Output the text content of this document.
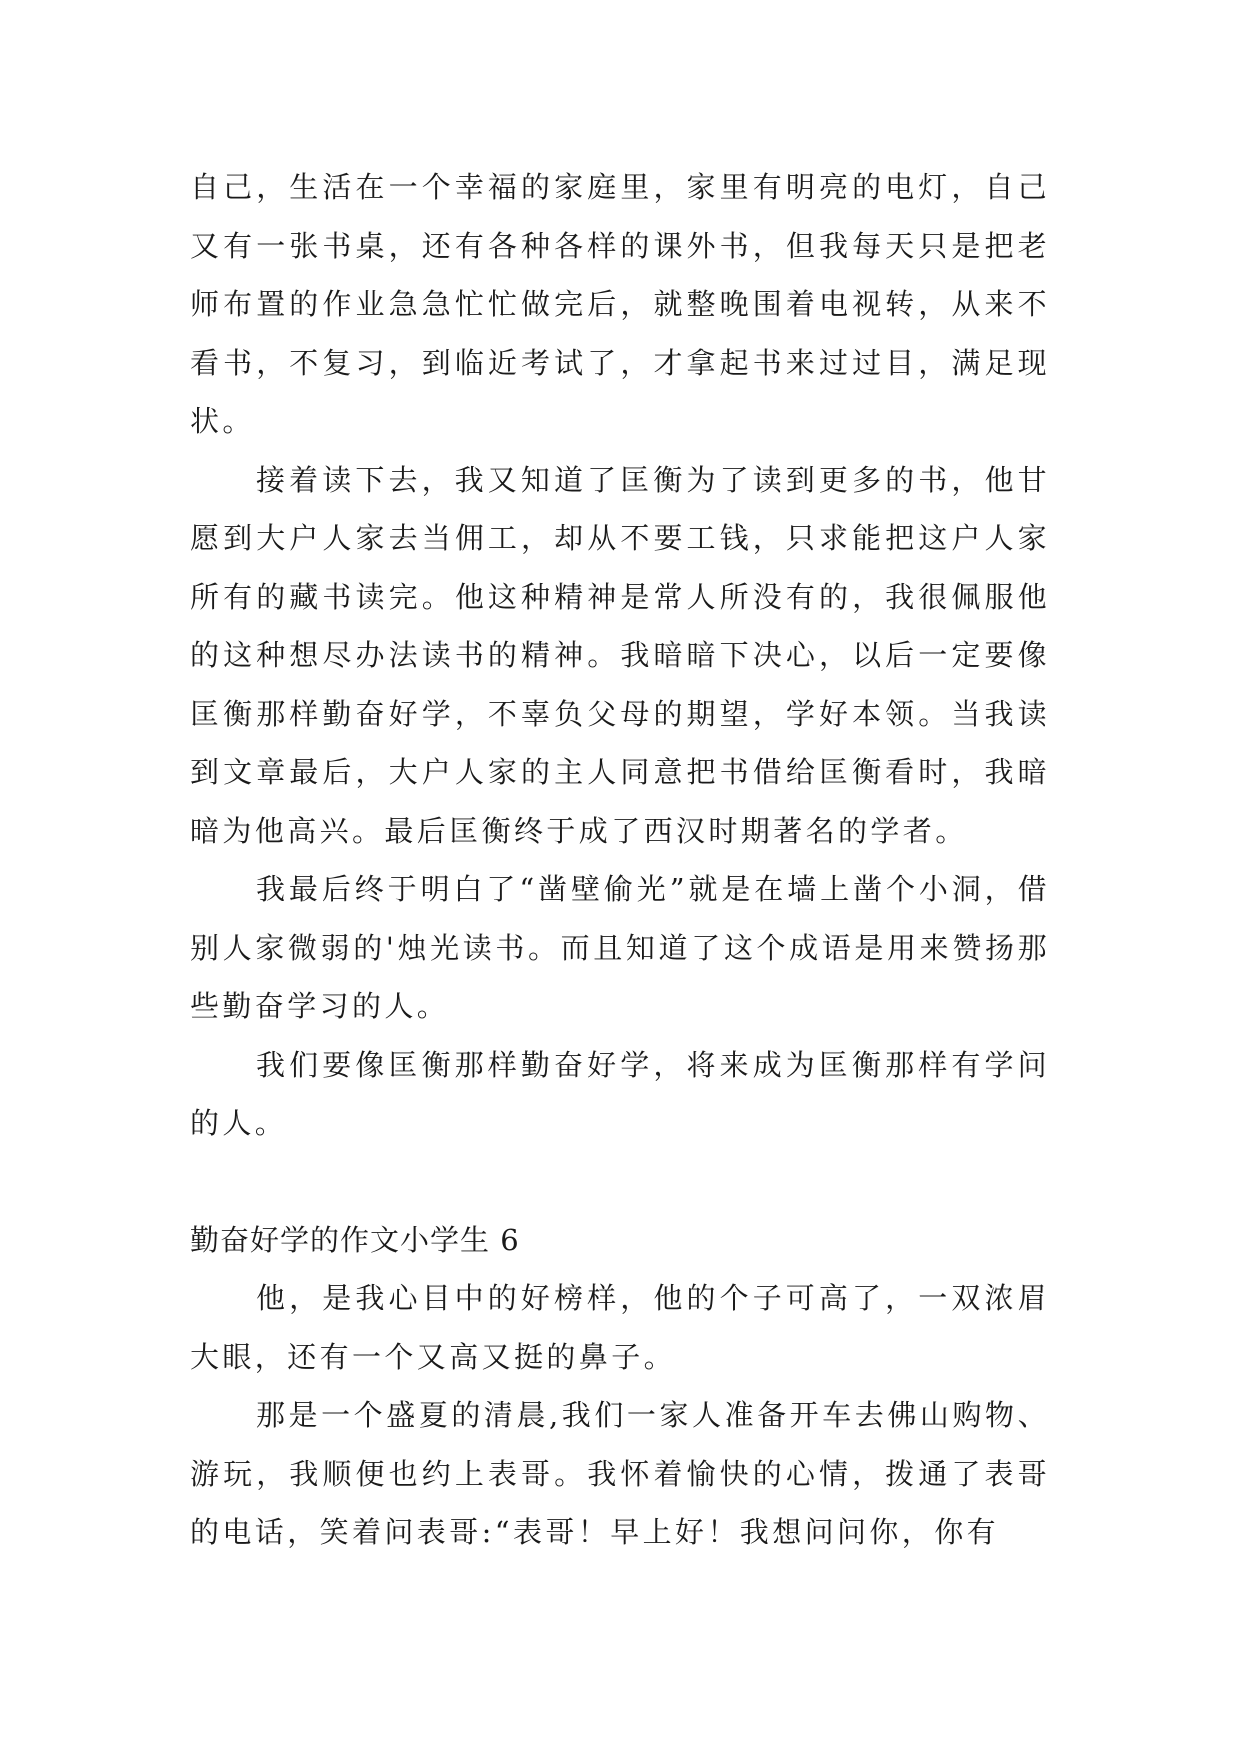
自己，生活在一个幸福的家庭里，家里有明亮的电灯，自己又有一张书桌，还有各种各样的课外书，但我每天只是把老师布置的作业急急忙忙做完后，就整晚围着电视转，从来不看书，不复习，到临近考试了，才拿起书来过过目，满足现状。

接着读下去，我又知道了匡衡为了读到更多的书，他甘愿到大户人家去当佣工，却从不要工钱，只求能把这户人家所有的藏书读完。他这种精神是常人所没有的，我很佩服他的这种想尽办法读书的精神。我暗暗下决心，以后一定要像匡衡那样勤奋好学，不辜负父母的期望，学好本领。当我读到文章最后，大户人家的主人同意把书借给匡衡看时，我暗暗为他高兴。最后匡衡终于成了西汉时期著名的学者。

我最后终于明白了“凿壁偷光”就是在墙上凿个小洞，借别人家微弱的'烛光读书。而且知道了这个成语是用来赞扬那些勤奋学习的人。

我们要像匡衡那样勤奋好学，将来成为匡衡那样有学问的人。

勤奋好学的作文小学生 6

他，是我心目中的好榜样，他的个子可高了，一双浓眉大眼，还有一个又高又挺的鼻子。

那是一个盛夏的清晨,我们一家人准备开车去佛山购物、游玩，我顺便也约上表哥。我怀着愉快的心情，拨通了表哥的电话，笑着问表哥:“表哥！早上好！我想问问你，你有
